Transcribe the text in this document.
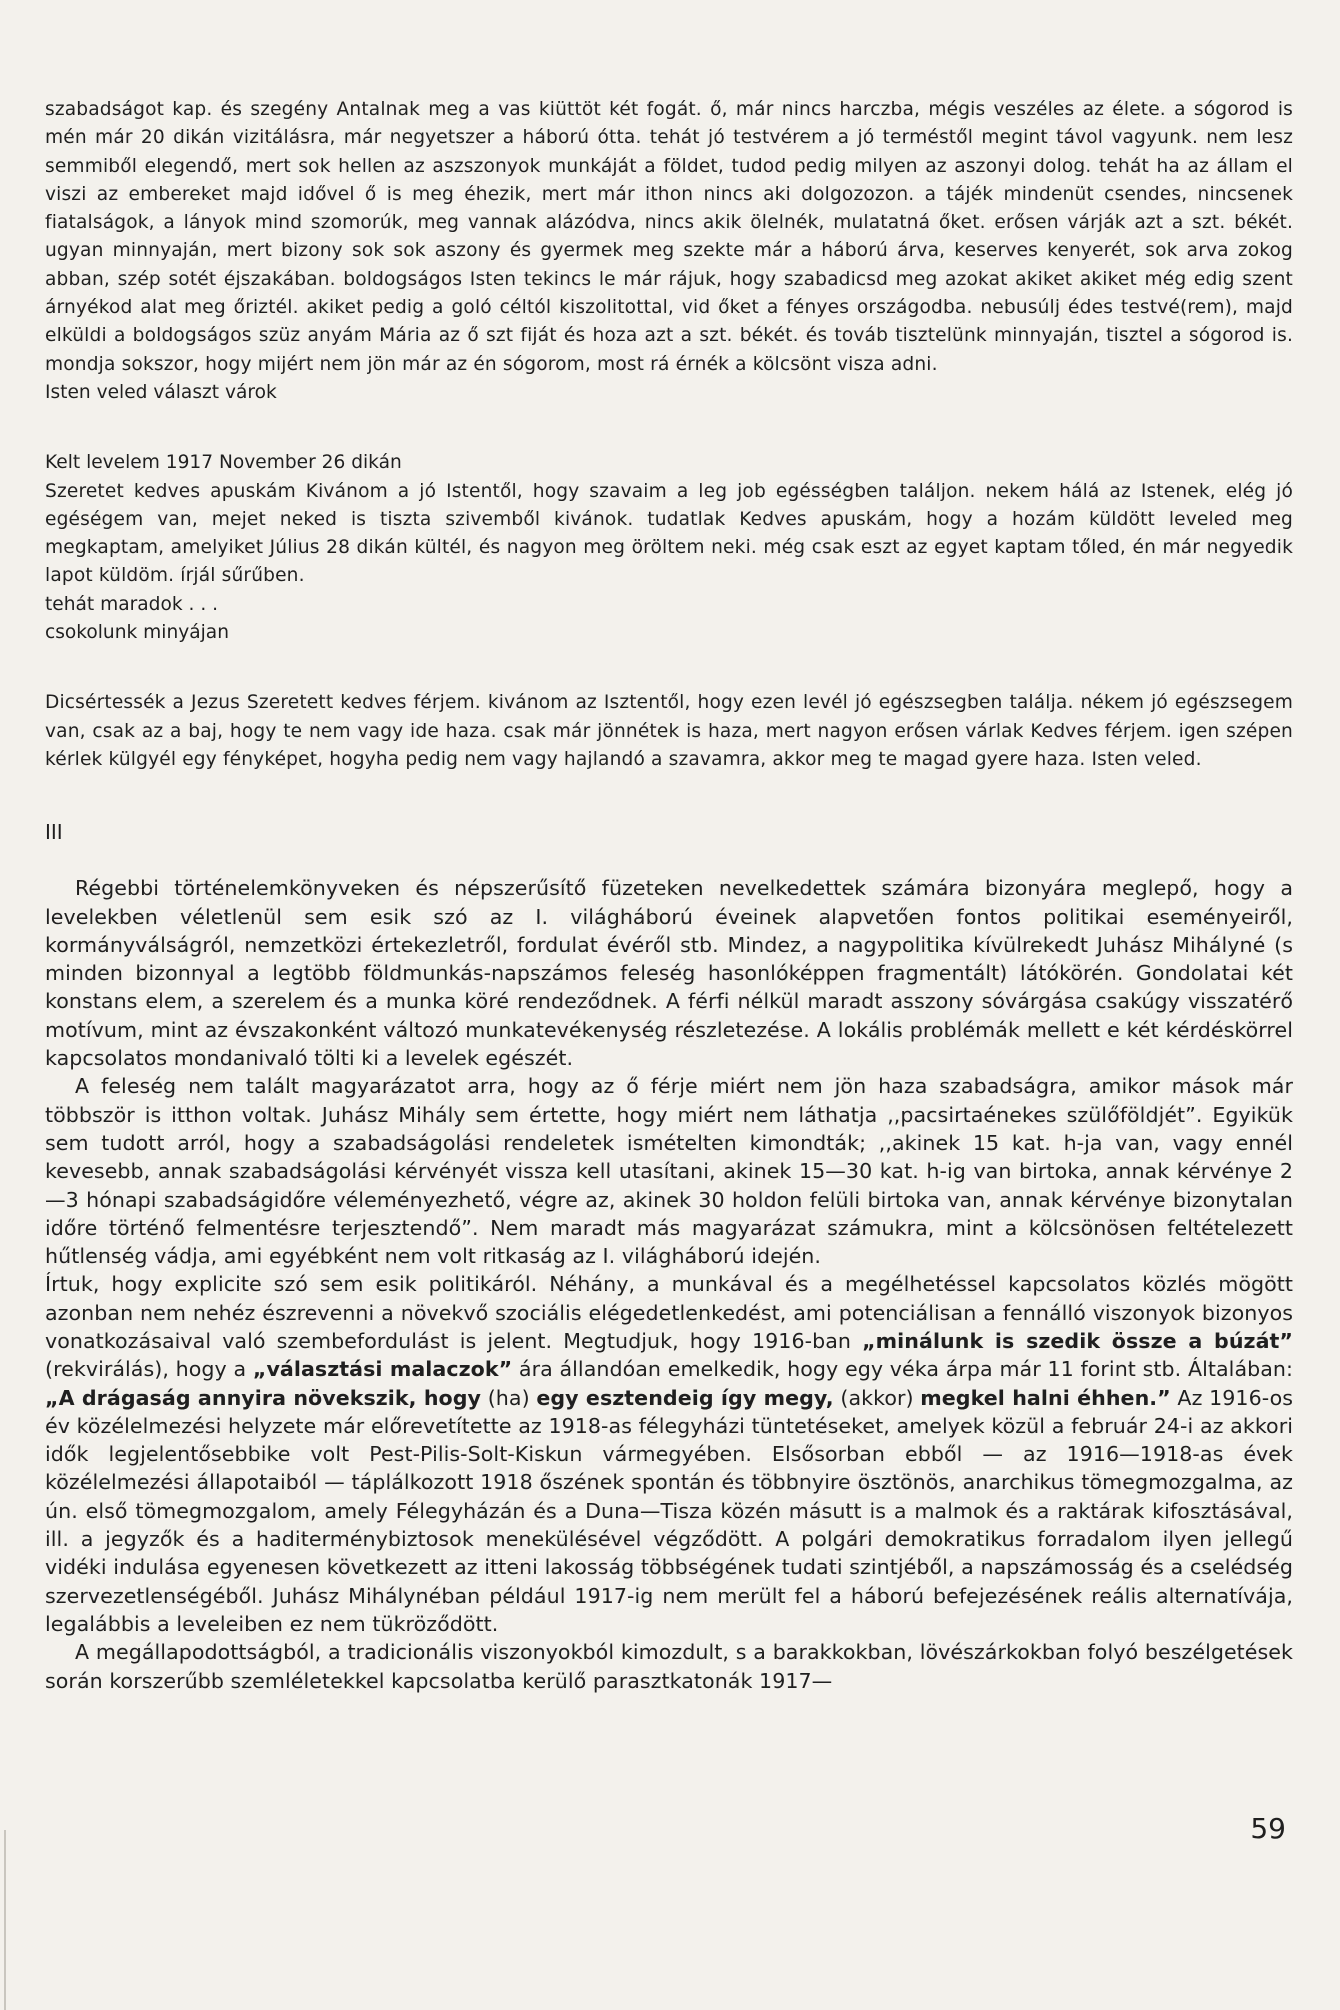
szabadságot kap. és szegény Antalnak meg a vas kiüttöt két fogát. ő, már nincs harczba, mégis veszéles az élete. a sógorod is mén már 20 dikán vizitálásra, már negyetszer a háború ótta. tehát jó testvérem a jó terméstől megint távol vagyunk. nem lesz semmiből elegendő, mert sok hellen az aszszonyok munkáját a földet, tudod pedig milyen az aszonyi dolog. tehát ha az állam el viszi az embereket majd idővel ő is meg éhezik, mert már ithon nincs aki dolgozozon. a tájék mindenüt csendes, nincsenek fiatalságok, a lányok mind szomorúk, meg vannak alázódva, nincs akik ölelnék, mulatatná őket. erősen várják azt a szt. békét. ugyan minnyaján, mert bizony sok sok aszony és gyermek meg szekte már a háború árva, keserves kenyerét, sok arva zokog abban, szép sotét éjszakában. boldogságos Isten tekincs le már rájuk, hogy szabadicsd meg azokat akiket akiket még edig szent árnyékod alat meg őriztél. akiket pedig a goló céltól kiszolitottal, vid őket a fényes országodba. nebusúlj édes testvé(rem), majd elküldi a boldogságos szüz anyám Mária az ő szt fiját és hoza azt a szt. békét. és továb tisztelünk minnyaján, tisztel a sógorod is. mondja sokszor, hogy mijért nem jön már az én sógorom, most rá érnék a kölcsönt visza adni.

Isten veled választ várok

Kelt levelem 1917 November 26 dikán

Szeretet kedves apuskám Kivánom a jó Istentől, hogy szavaim a leg job egésségben találjon. nekem hálá az Istenek, elég jó egéségem van, mejet neked is tiszta szivemből kivánok. tudatlak Kedves apuskám, hogy a hozám küldött leveled meg megkaptam, amelyiket Július 28 dikán kültél, és nagyon meg öröltem neki. még csak eszt az egyet kaptam tőled, én már negyedik lapot küldöm. írjál sűrűben.

tehát maradok . . .

csokolunk minyájan

Dicsértessék a Jezus Szeretett kedves férjem. kivánom az Isztentől, hogy ezen levél jó egészsegben találja. nékem jó egészsegem van, csak az a baj, hogy te nem vagy ide haza. csak már jönnétek is haza, mert nagyon erősen várlak Kedves férjem. igen szépen kérlek külgyél egy fényképet, hogyha pedig nem vagy hajlandó a szavamra, akkor meg te magad gyere haza. Isten veled.

III

Régebbi történelemkönyveken és népszerűsítő füzeteken nevelkedettek számára bizonyára meglepő, hogy a levelekben véletlenül sem esik szó az I. világháború éveinek alapvetően fontos politikai eseményeiről, kormányválságról, nemzetközi értekezletről, fordulat évéről stb. Mindez, a nagypolitika kívülrekedt Juhász Mihályné (s minden bizonnyal a legtöbb földmunkás-napszámos feleség hasonlóképpen fragmentált) látókörén. Gondolatai két konstans elem, a szerelem és a munka köré rendeződnek. A férfi nélkül maradt asszony sóvárgása csakúgy visszatérő motívum, mint az évszakonként változó munkatevékenység részletezése. A lokális problémák mellett e két kérdéskörrel kapcsolatos mondanivaló tölti ki a levelek egészét.

A feleség nem talált magyarázatot arra, hogy az ő férje miért nem jön haza szabadságra, amikor mások már többször is itthon voltak. Juhász Mihály sem értette, hogy miért nem láthatja ,,pacsirtaénekes szülőföldjét”. Egyikük sem tudott arról, hogy a szabadságolási rendeletek ismételten kimondták; ,,akinek 15 kat. h-ja van, vagy ennél kevesebb, annak szabadságolási kérvényét vissza kell utasítani, akinek 15—30 kat. h-ig van birtoka, annak kérvénye 2—3 hónapi szabadságidőre véleményezhető, végre az, akinek 30 holdon felüli birtoka van, annak kérvénye bizonytalan időre történő felmentésre terjesztendő”. Nem maradt más magyarázat számukra, mint a kölcsönösen feltételezett hűtlenség vádja, ami egyébként nem volt ritkaság az I. világháború idején.

Írtuk, hogy explicite szó sem esik politikáról. Néhány, a munkával és a megélhetéssel kapcsolatos közlés mögött azonban nem nehéz észrevenni a növekvő szociális elégedetlenkedést, ami potenciálisan a fennálló viszonyok bizonyos vonatkozásaival való szembefordulást is jelent. Megtudjuk, hogy 1916-ban „minálunk is szedik össze a búzát” (rekvirálás), hogy a „választási malaczok” ára állandóan emelkedik, hogy egy véka árpa már 11 forint stb. Általában: „A drágaság annyira növekszik, hogy (ha) egy esztendeig így megy, (akkor) megkel halni éhhen.” Az 1916-os év közélelmezési helyzete már előrevetítette az 1918-as félegyházi tüntetéseket, amelyek közül a február 24-i az akkori idők legjelentősebbike volt Pest-Pilis-Solt-Kiskun vármegyében. Elsősorban ebből — az 1916—1918-as évek közélelmezési állapotaiból — táplálkozott 1918 őszének spontán és többnyire ösztönös, anarchikus tömegmozgalma, az ún. első tömegmozgalom, amely Félegyházán és a Duna—Tisza közén másutt is a malmok és a raktárak kifosztásával, ill. a jegyzők és a haditerménybiztosok menekülésével végződött. A polgári demokratikus forradalom ilyen jellegű vidéki indulása egyenesen következett az itteni lakosság többségének tudati szintjéből, a napszámosság és a cselédség szervezetlenségéből. Juhász Mihálynéban például 1917-ig nem merült fel a háború befejezésének reális alternatívája, legalábbis a leveleiben ez nem tükröződött.

A megállapodottságból, a tradicionális viszonyokból kimozdult, s a barakkokban, lövészárkokban folyó beszélgetések során korszerűbb szemléletekkel kapcsolatba kerülő parasztkatonák 1917—

59
